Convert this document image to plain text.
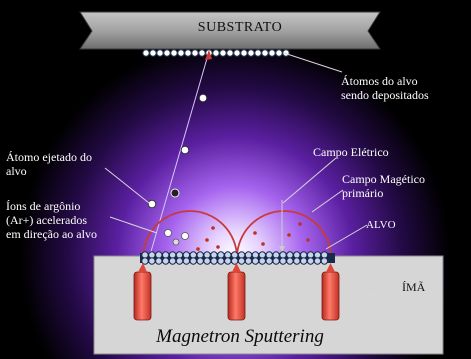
SUBSTRATO
Átomos do alvo
sendo depositados
Átomo ejetado do
alvo
Íons de argônio
(Ar+) acelerados
em direção ao alvo
Campo Elétrico
Campo Magético
primário
ALVO
ÍMÃ
Magnetron Sputtering
